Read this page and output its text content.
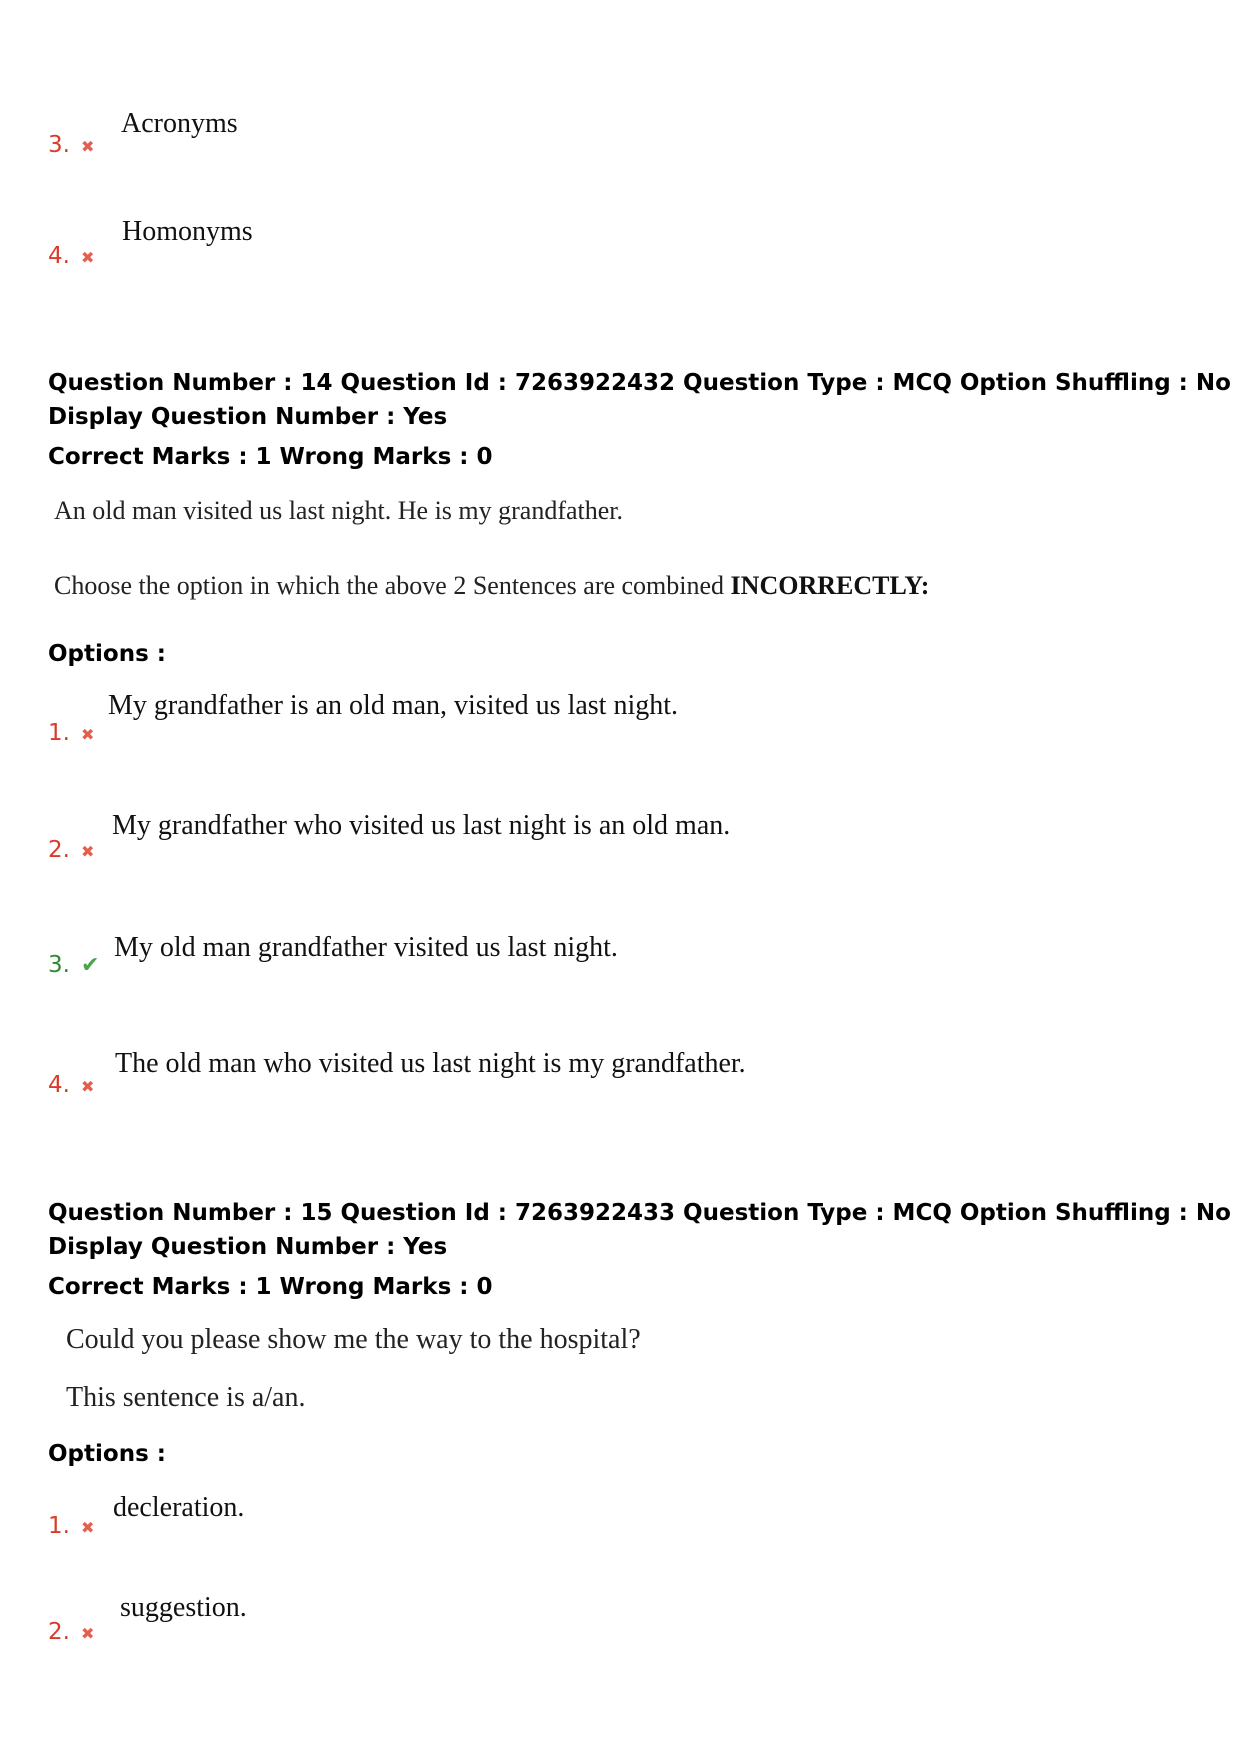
3. ✖
Acronyms
4. ✖
Homonyms
Question Number : 14 Question Id : 7263922432 Question Type : MCQ Option Shuffling : No
Display Question Number : Yes
Correct Marks : 1 Wrong Marks : 0
An old man visited us last night. He is my grandfather.
Choose the option in which the above 2 Sentences are combined INCORRECTLY:
Options :
1. ✖
My grandfather is an old man, visited us last night.
2. ✖
My grandfather who visited us last night is an old man.
3. ✔
My old man grandfather visited us last night.
4. ✖
The old man who visited us last night is my grandfather.
Question Number : 15 Question Id : 7263922433 Question Type : MCQ Option Shuffling : No
Display Question Number : Yes
Correct Marks : 1 Wrong Marks : 0
Could you please show me the way to the hospital?
This sentence is a/an.
Options :
1. ✖
decleration.
2. ✖
suggestion.
